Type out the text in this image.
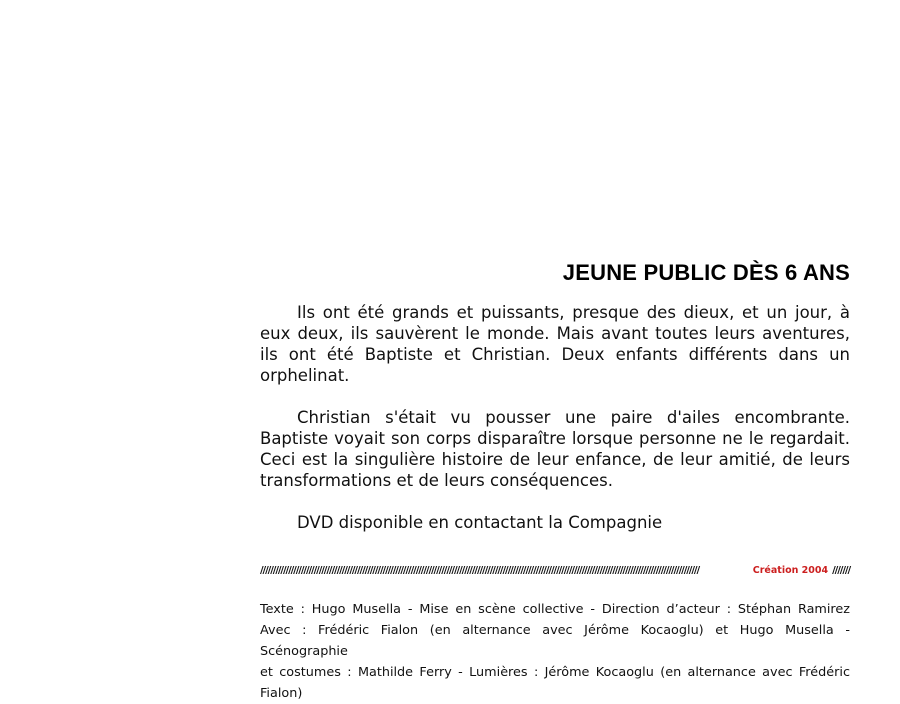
JEUNE PUBLIC DÈS 6 ANS

Ils ont été grands et puissants, presque des dieux, et un jour, à eux deux, ils sauvèrent le monde. Mais avant toutes leurs aventures, ils ont été Baptiste et Christian. Deux enfants différents dans un orphelinat.

Christian s'était vu pousser une paire d'ailes encombrante. Baptiste voyait son corps disparaître lorsque personne ne le regardait. Ceci est la singulière histoire de leur enfance, de leur amitié, de leurs transformations et de leurs conséquences.

DVD disponible en contactant la Compagnie

////////////////////////////////////////////////////////////////////////////////////////////////////////////////////////////////////////////////////////////////////////////	Création 2004 ///////
Texte : Hugo Musella - Mise en scène collective - Direction d’acteur : Stéphan Ramirez
Avec : Frédéric Fialon (en alternance avec Jérôme Kocaoglu) et Hugo Musella - Scénographie
et costumes : Mathilde Ferry - Lumières : Jérôme Kocaoglu (en alternance avec Frédéric Fialon)
